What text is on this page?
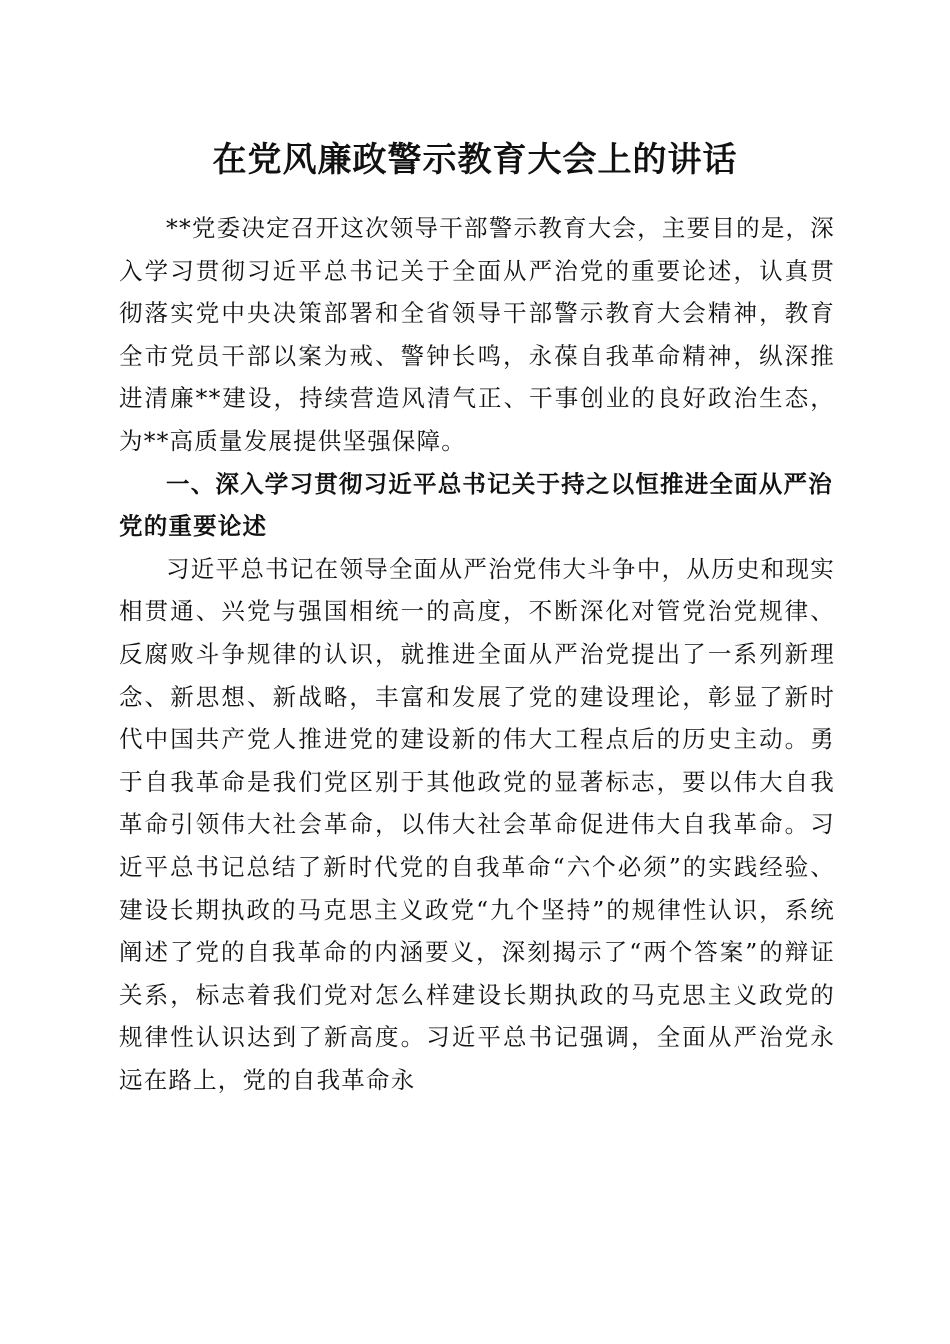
在党风廉政警示教育大会上的讲话

**党委决定召开这次领导干部警示教育大会，主要目的是，深入学习贯彻习近平总书记关于全面从严治党的重要论述，认真贯彻落实党中央决策部署和全省领导干部警示教育大会精神，教育全市党员干部以案为戒、警钟长鸣，永葆自我革命精神，纵深推进清廉**建设，持续营造风清气正、干事创业的良好政治生态，为**高质量发展提供坚强保障。

一、深入学习贯彻习近平总书记关于持之以恒推进全面从严治党的重要论述

习近平总书记在领导全面从严治党伟大斗争中，从历史和现实相贯通、兴党与强国相统一的高度，不断深化对管党治党规律、反腐败斗争规律的认识，就推进全面从严治党提出了一系列新理念、新思想、新战略，丰富和发展了党的建设理论，彰显了新时代中国共产党人推进党的建设新的伟大工程点后的历史主动。勇于自我革命是我们党区别于其他政党的显著标志，要以伟大自我革命引领伟大社会革命，以伟大社会革命促进伟大自我革命。习近平总书记总结了新时代党的自我革命“六个必须”的实践经验、建设长期执政的马克思主义政党“九个坚持”的规律性认识，系统阐述了党的自我革命的内涵要义，深刻揭示了“两个答案”的辩证关系，标志着我们党对怎么样建设长期执政的马克思主义政党的规律性认识达到了新高度。习近平总书记强调，全面从严治党永远在路上，党的自我革命永
